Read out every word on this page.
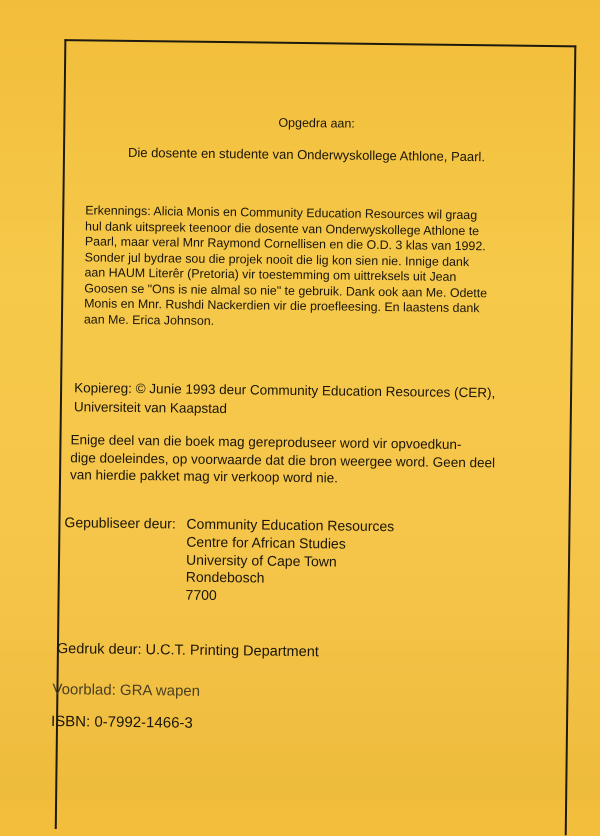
Opgedra aan:

Die dosente en studente van Onderwyskollege Athlone, Paarl.

Erkennings: Alicia Monis en Community Education Resources wil graag
hul dank uitspreek teenoor die dosente van Onderwyskollege Athlone te
Paarl, maar veral Mnr Raymond Cornellisen en die O.D. 3 klas van 1992.
Sonder jul bydrae sou die projek nooit die lig kon sien nie. Innige dank
aan HAUM Literêr (Pretoria) vir toestemming om uittreksels uit Jean
Goosen se "Ons is nie almal so nie" te gebruik. Dank ook aan Me. Odette
Monis en Mnr. Rushdi Nackerdien vir die proefleesing. En laastens dank
aan Me. Erica Johnson.
Kopiereg: © Junie 1993 deur Community Education Resources (CER),
Universiteit van Kaapstad
Enige deel van die boek mag gereproduseer word vir opvoedkun-
dige doeleindes, op voorwaarde dat die bron weergee word. Geen deel
van hierdie pakket mag vir verkoop word nie.
Gepubliseer deur: Community Education Resources
Centre for African Studies
University of Cape Town
Rondebosch
7700

Gedruk deur: U.C.T. Printing Department

Voorblad: GRA wapen

ISBN: 0-7992-1466-3
